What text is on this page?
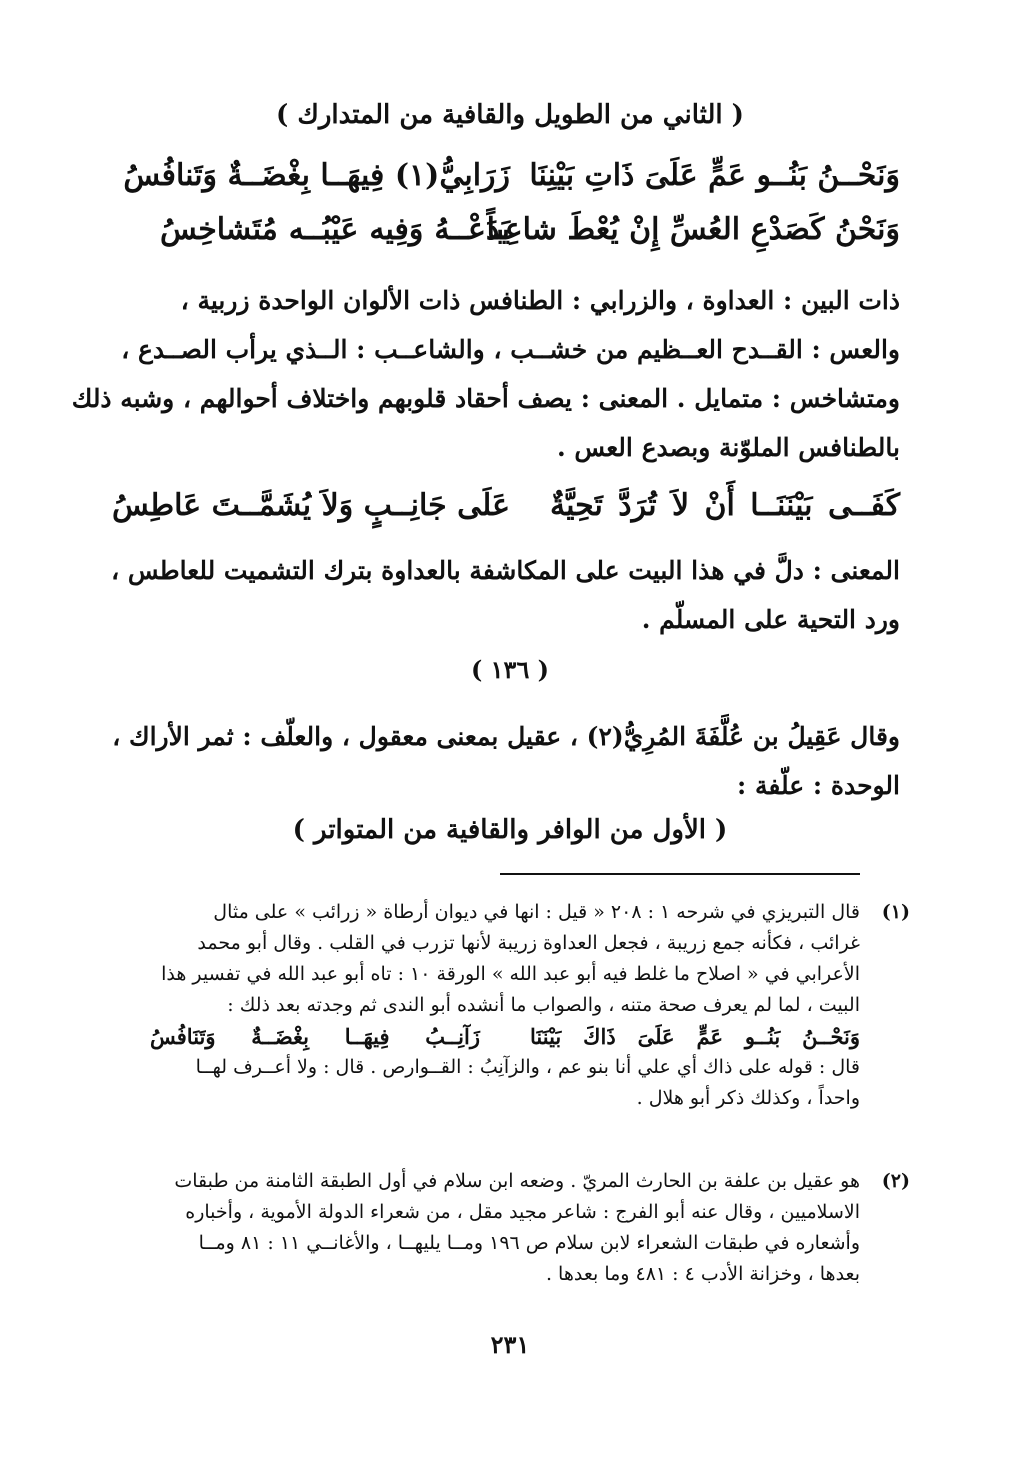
( الثاني من الطويل والقافية من المتدارك )
وَنَحْــنُ بَنُــو عَمٍّ عَلَىَ ذَاتِ بَيْنِنَا
زَرَابِيُّ(١) فِيهَــا بِغْضَــةٌ وَتَنافُسُ
وَنَحْنُ كَصَدْعِ العُسِّ إِنْ يُعْطَ شاعِباً
يَدَعْــهُ وَفِيه عَيْبُــه مُتَشاخِسُ
ذات البين : العداوة ، والزرابي : الطنافس ذات الألوان الواحدة زربية ،
والعس : القــدح العــظيم من خشــب ، والشاعــب : الــذي يرأب الصــدع ،
ومتشاخس : متمايل . المعنى : يصف أحقاد قلوبهم واختلاف أحوالهم ، وشبه ذلك
بالطنافس الملوّنة وبصدع العس .
كَفَــى بَيْنَنَــا أَنْ لاَ تُرَدَّ تَحِيَّةٌ
عَلَى جَانِــبٍ وَلاَ يُشَمَّــتَ عَاطِسُ
المعنى : دلَّ في هذا البيت على المكاشفة بالعداوة بترك التشميت للعاطس ،
ورد التحية على المسلّم .
( ١٣٦ )
وقال عَقِيلُ بن عُلَّفَةَ المُرِيُّ(٢) ، عقيل بمعنى معقول ، والعلّف : ثمر الأراك ،
الوحدة : علّفة :
( الأول من الوافر والقافية من المتواتر )
(١)
قال التبريزي في شرحه ١ : ٢٠٨ « قيل : انها في ديوان أرطاة « زرائب » على مثال
غرائب ، فكأنه جمع زريبة ، فجعل العداوة زريبة لأنها تزرب في القلب . وقال أبو محمد
الأعرابي في « اصلاح ما غلط فيه أبو عبد الله » الورقة ١٠ : تاه أبو عبد الله في تفسير هذا
البيت ، لما لم يعرف صحة متنه ، والصواب ما أنشده أبو الندى ثم وجدته بعد ذلك :
وَنَحْــنُ بَنُــو عَمٍّ عَلَىَ ذَاكَ بَيْنَنَا
زَآنِــبُ فِيهَــا بِغْضَــةٌ وَتَنَافُسُ
قال : قوله على ذاك أي علي أنا بنو عم ، والزآنِبُ : القــوارص . قال : ولا أعــرف لهــا
واحداً ، وكذلك ذكر أبو هلال .
(٢)
هو عقيل بن علفة بن الحارث المريّ . وضعه ابن سلام في أول الطبقة الثامنة من طبقات
الاسلاميين ، وقال عنه أبو الفرج : شاعر مجيد مقل ، من شعراء الدولة الأموية ، وأخباره
وأشعاره في طبقات الشعراء لابن سلام ص ١٩٦ ومــا يليهــا ، والأغانــي ١١ : ٨١ ومــا
بعدها ، وخزانة الأدب ٤ : ٤٨١ وما بعدها .
٢٣١
